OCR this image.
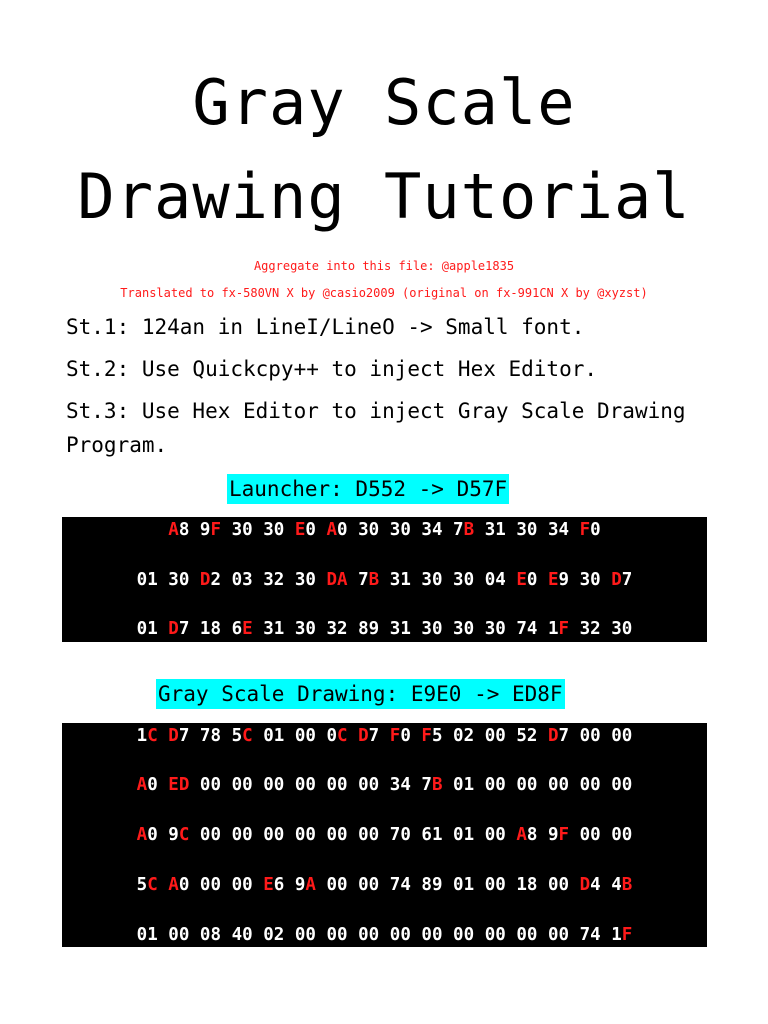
Gray Scale
Drawing Tutorial
Aggregate into this file: @apple1835
Translated to fx-580VN X by @casio2009 (original on fx-991CN X by @xyzst)
St.1: 124an in LineI/LineO -> Small font.
St.2: Use Quickcpy++ to inject Hex Editor.
St.3: Use Hex Editor to inject Gray Scale Drawing Program.
Launcher: D552 -> D57F
A8 9F 30 30 E0 A0 30 30 34 7B 31 30 34 F0
01 30 D2 03 32 30 DA 7B 31 30 30 04 E0 E9 30 D7
01 D7 18 6E 31 30 32 89 31 30 30 30 74 1F 32 30
Gray Scale Drawing: E9E0 -> ED8F
1C D7 78 5C 01 00 0C D7 F0 F5 02 00 52 D7 00 00
A0 ED 00 00 00 00 00 00 34 7B 01 00 00 00 00 00
A0 9C 00 00 00 00 00 00 70 61 01 00 A8 9F 00 00
5C A0 00 00 E6 9A 00 00 74 89 01 00 18 00 D4 4B
01 00 08 40 02 00 00 00 00 00 00 00 00 00 74 1F
